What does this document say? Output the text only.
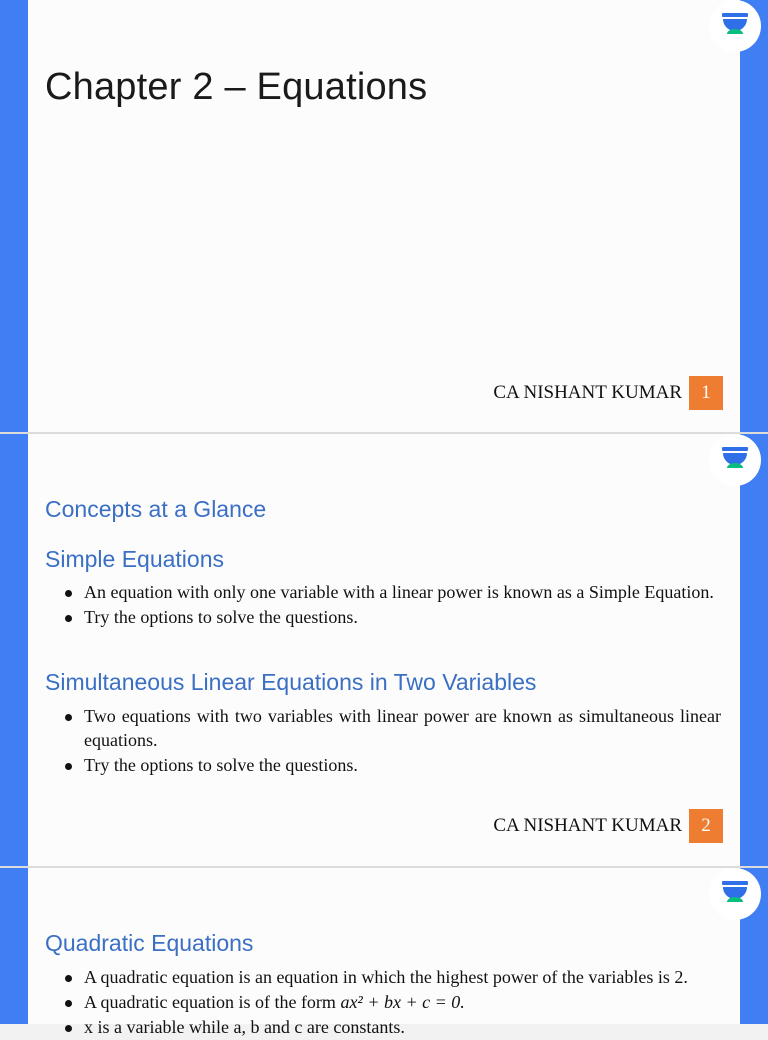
Chapter 2 – Equations
CA NISHANT KUMAR	1
Concepts at a Glance
Simple Equations
An equation with only one variable with a linear power is known as a Simple Equation.
Try the options to solve the questions.
Simultaneous Linear Equations in Two Variables
Two equations with two variables with linear power are known as simultaneous linear equations.
Try the options to solve the questions.
CA NISHANT KUMAR	2
Quadratic Equations
A quadratic equation is an equation in which the highest power of the variables is 2.
A quadratic equation is of the form ax² + bx + c = 0.
x is a variable while a, b and c are constants.
